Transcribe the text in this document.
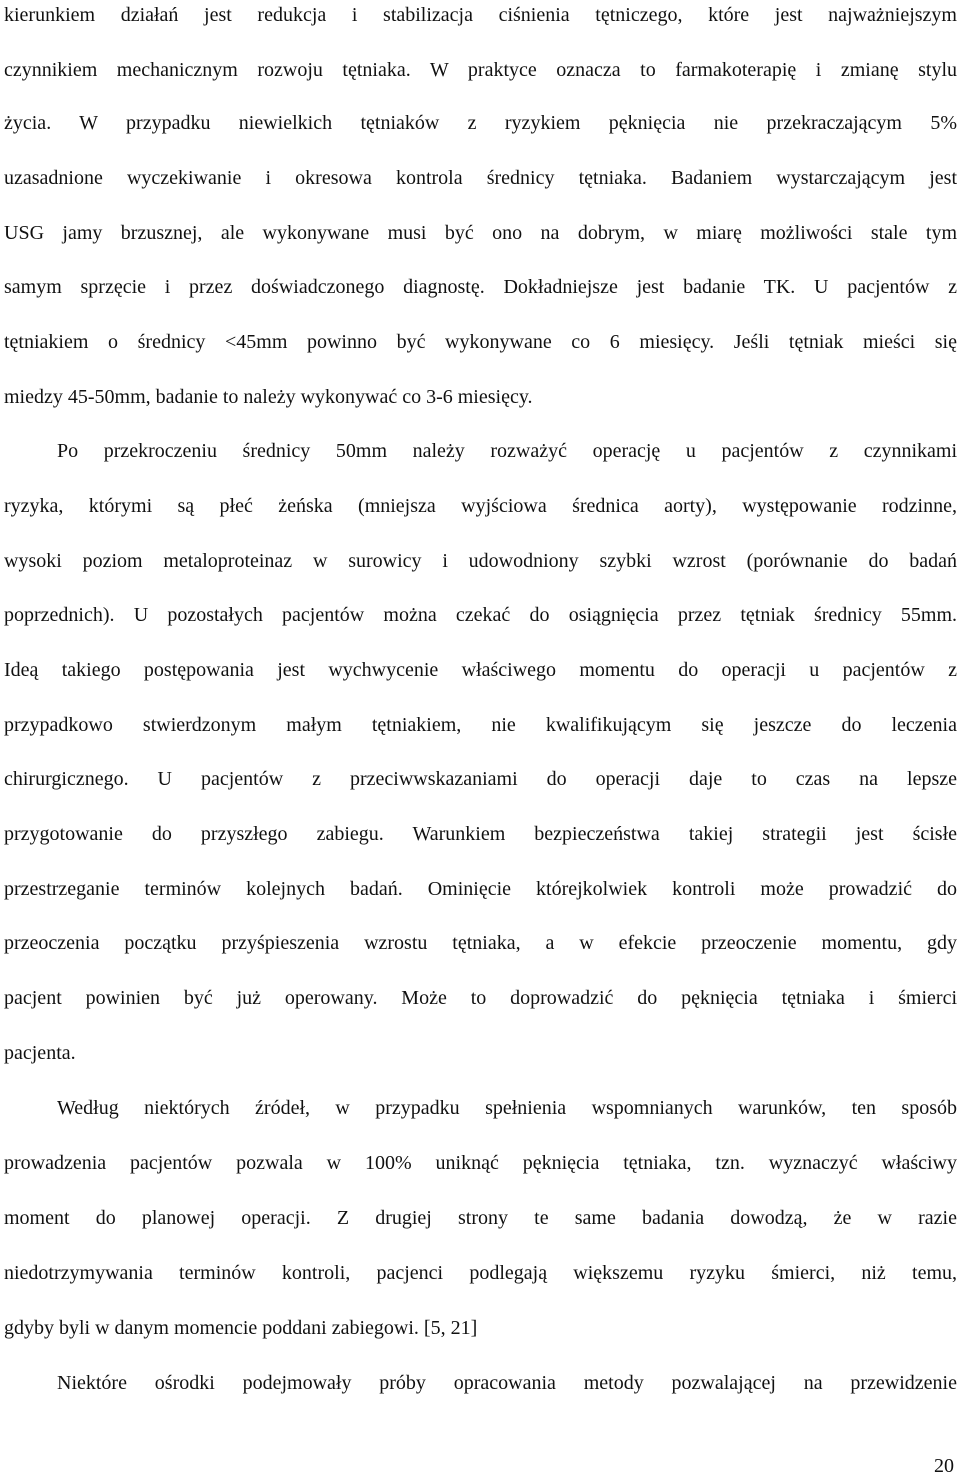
kierunkiem działań jest redukcja i stabilizacja ciśnienia tętniczego, które jest najważniejszym
czynnikiem mechanicznym rozwoju tętniaka. W praktyce oznacza to farmakoterapię i zmianę stylu
życia. W przypadku niewielkich tętniaków z ryzykiem pęknięcia nie przekraczającym 5%
uzasadnione wyczekiwanie i okresowa kontrola średnicy tętniaka. Badaniem wystarczającym jest
USG jamy brzusznej, ale wykonywane musi być ono na dobrym, w miarę możliwości stale tym
samym sprzęcie i przez doświadczonego diagnostę. Dokładniejsze jest badanie TK. U pacjentów z
tętniakiem o średnicy <45mm powinno być wykonywane co 6 miesięcy. Jeśli tętniak mieści się
miedzy 45-50mm, badanie to należy wykonywać co 3-6 miesięcy.
Po przekroczeniu średnicy 50mm należy rozważyć operację u pacjentów z czynnikami
ryzyka, którymi są płeć żeńska (mniejsza wyjściowa średnica aorty), występowanie rodzinne,
wysoki poziom metaloproteinaz w surowicy i udowodniony szybki wzrost (porównanie do badań
poprzednich). U pozostałych pacjentów można czekać do osiągnięcia przez tętniak średnicy 55mm.
Ideą takiego postępowania jest wychwycenie właściwego momentu do operacji u pacjentów z
przypadkowo stwierdzonym małym tętniakiem, nie kwalifikującym się jeszcze do leczenia
chirurgicznego. U pacjentów z przeciwwskazaniami do operacji daje to czas na lepsze
przygotowanie do przyszłego zabiegu. Warunkiem bezpieczeństwa takiej strategii jest ścisłe
przestrzeganie terminów kolejnych badań. Ominięcie którejkolwiek kontroli może prowadzić do
przeoczenia początku przyśpieszenia wzrostu tętniaka, a w efekcie przeoczenie momentu, gdy
pacjent powinien być już operowany. Może to doprowadzić do pęknięcia tętniaka i śmierci
pacjenta.
Według niektórych źródeł, w przypadku spełnienia wspomnianych warunków, ten sposób
prowadzenia pacjentów pozwala w 100% uniknąć pęknięcia tętniaka, tzn. wyznaczyć właściwy
moment do planowej operacji. Z drugiej strony te same badania dowodzą, że w razie
niedotrzymywania terminów kontroli, pacjenci podlegają większemu ryzyku śmierci, niż temu,
gdyby byli w danym momencie poddani zabiegowi. [5, 21]
Niektóre ośrodki podejmowały próby opracowania metody pozwalającej na przewidzenie
20
